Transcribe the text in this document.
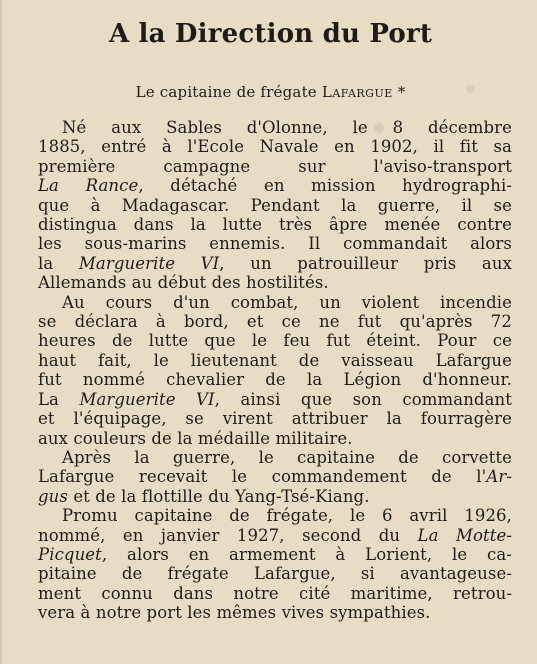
A la Direction du Port
Le capitaine de frégate Lafargue *
Né aux Sables d'Olonne, le 8 décembre
1885, entré à l'Ecole Navale en 1902, il fit sa
première campagne sur l'aviso-transport
La Rance, détaché en mission hydrographi-
que à Madagascar. Pendant la guerre, il se
distingua dans la lutte très âpre menée contre
les sous-marins ennemis. Il commandait alors
la Marguerite VI, un patrouilleur pris aux
Allemands au début des hostilités.
Au cours d'un combat, un violent incendie
se déclara à bord, et ce ne fut qu'après 72
heures de lutte que le feu fut éteint. Pour ce
haut fait, le lieutenant de vaisseau Lafargue
fut nommé chevalier de la Légion d'honneur.
La Marguerite VI, ainsi que son commandant
et l'équipage, se virent attribuer la fourragère
aux couleurs de la médaille militaire.
Après la guerre, le capitaine de corvette
Lafargue recevait le commandement de l'Ar-
gus et de la flottille du Yang-Tsé-Kiang.
Promu capitaine de frégate, le 6 avril 1926,
nommé, en janvier 1927, second du La Motte-
Picquet, alors en armement à Lorient, le ca-
pitaine de frégate Lafargue, si avantageuse-
ment connu dans notre cité maritime, retrou-
vera à notre port les mêmes vives sympathies.
